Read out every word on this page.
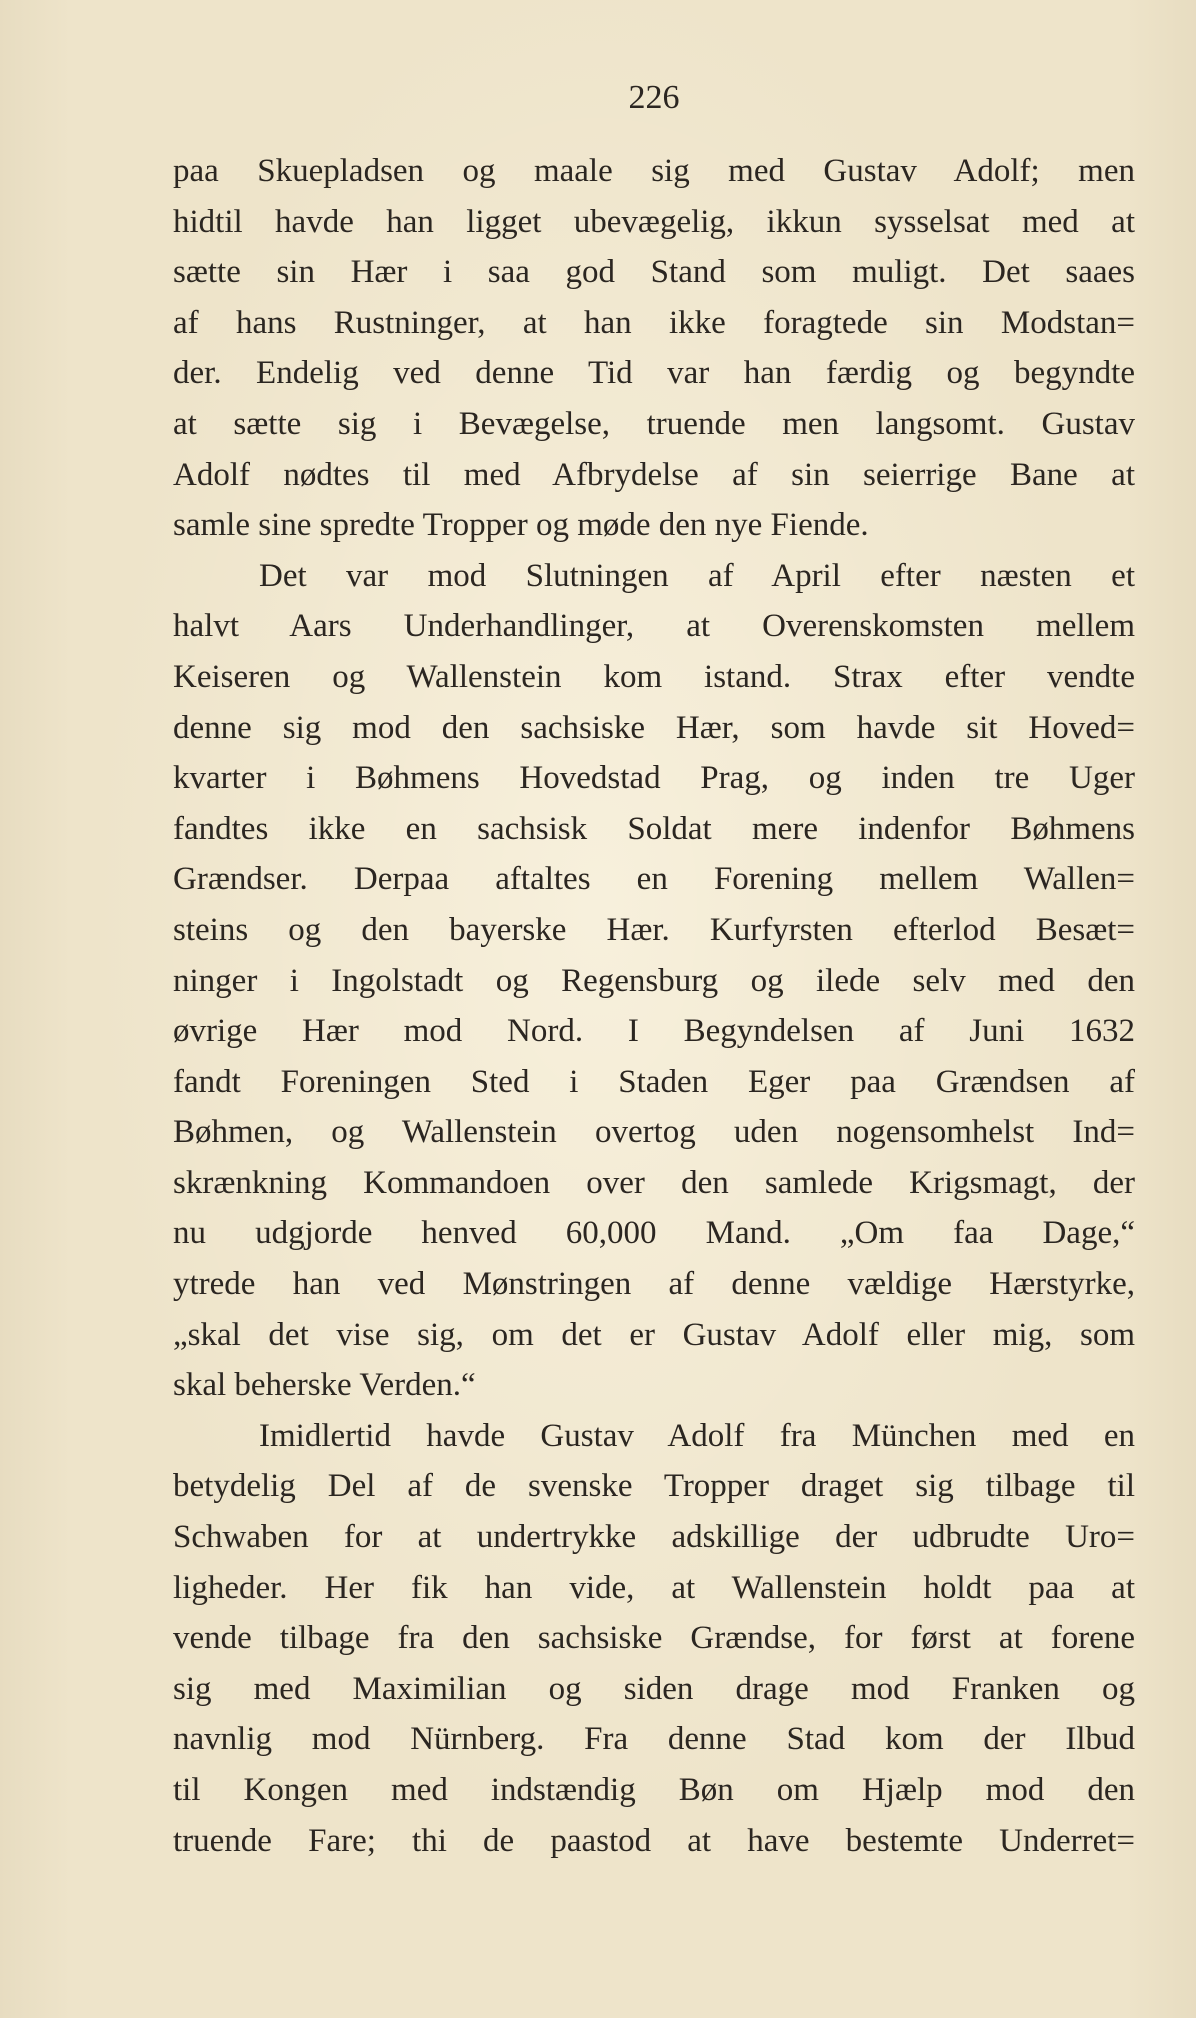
226
paa Skuepladsen og maale sig med Gustav Adolf; men
hidtil havde han ligget ubevægelig, ikkun sysselsat med at
sætte sin Hær i saa god Stand som muligt. Det saaes
af hans Rustninger, at han ikke foragtede sin Modstan=
der. Endelig ved denne Tid var han færdig og begyndte
at sætte sig i Bevægelse, truende men langsomt. Gustav
Adolf nødtes til med Afbrydelse af sin seierrige Bane at
samle sine spredte Tropper og møde den nye Fiende.
Det var mod Slutningen af April efter næsten et
halvt Aars Underhandlinger, at Overenskomsten mellem
Keiseren og Wallenstein kom istand. Strax efter vendte
denne sig mod den sachsiske Hær, som havde sit Hoved=
kvarter i Bøhmens Hovedstad Prag, og inden tre Uger
fandtes ikke en sachsisk Soldat mere indenfor Bøhmens
Grændser. Derpaa aftaltes en Forening mellem Wallen=
steins og den bayerske Hær. Kurfyrsten efterlod Besæt=
ninger i Ingolstadt og Regensburg og ilede selv med den
øvrige Hær mod Nord. I Begyndelsen af Juni 1632
fandt Foreningen Sted i Staden Eger paa Grændsen af
Bøhmen, og Wallenstein overtog uden nogensomhelst Ind=
skrænkning Kommandoen over den samlede Krigsmagt, der
nu udgjorde henved 60,000 Mand. „Om faa Dage,“
ytrede han ved Mønstringen af denne vældige Hærstyrke,
„skal det vise sig, om det er Gustav Adolf eller mig, som
skal beherske Verden.“
Imidlertid havde Gustav Adolf fra München med en
betydelig Del af de svenske Tropper draget sig tilbage til
Schwaben for at undertrykke adskillige der udbrudte Uro=
ligheder. Her fik han vide, at Wallenstein holdt paa at
vende tilbage fra den sachsiske Grændse, for først at forene
sig med Maximilian og siden drage mod Franken og
navnlig mod Nürnberg. Fra denne Stad kom der Ilbud
til Kongen med indstændig Bøn om Hjælp mod den
truende Fare; thi de paastod at have bestemte Underret=
